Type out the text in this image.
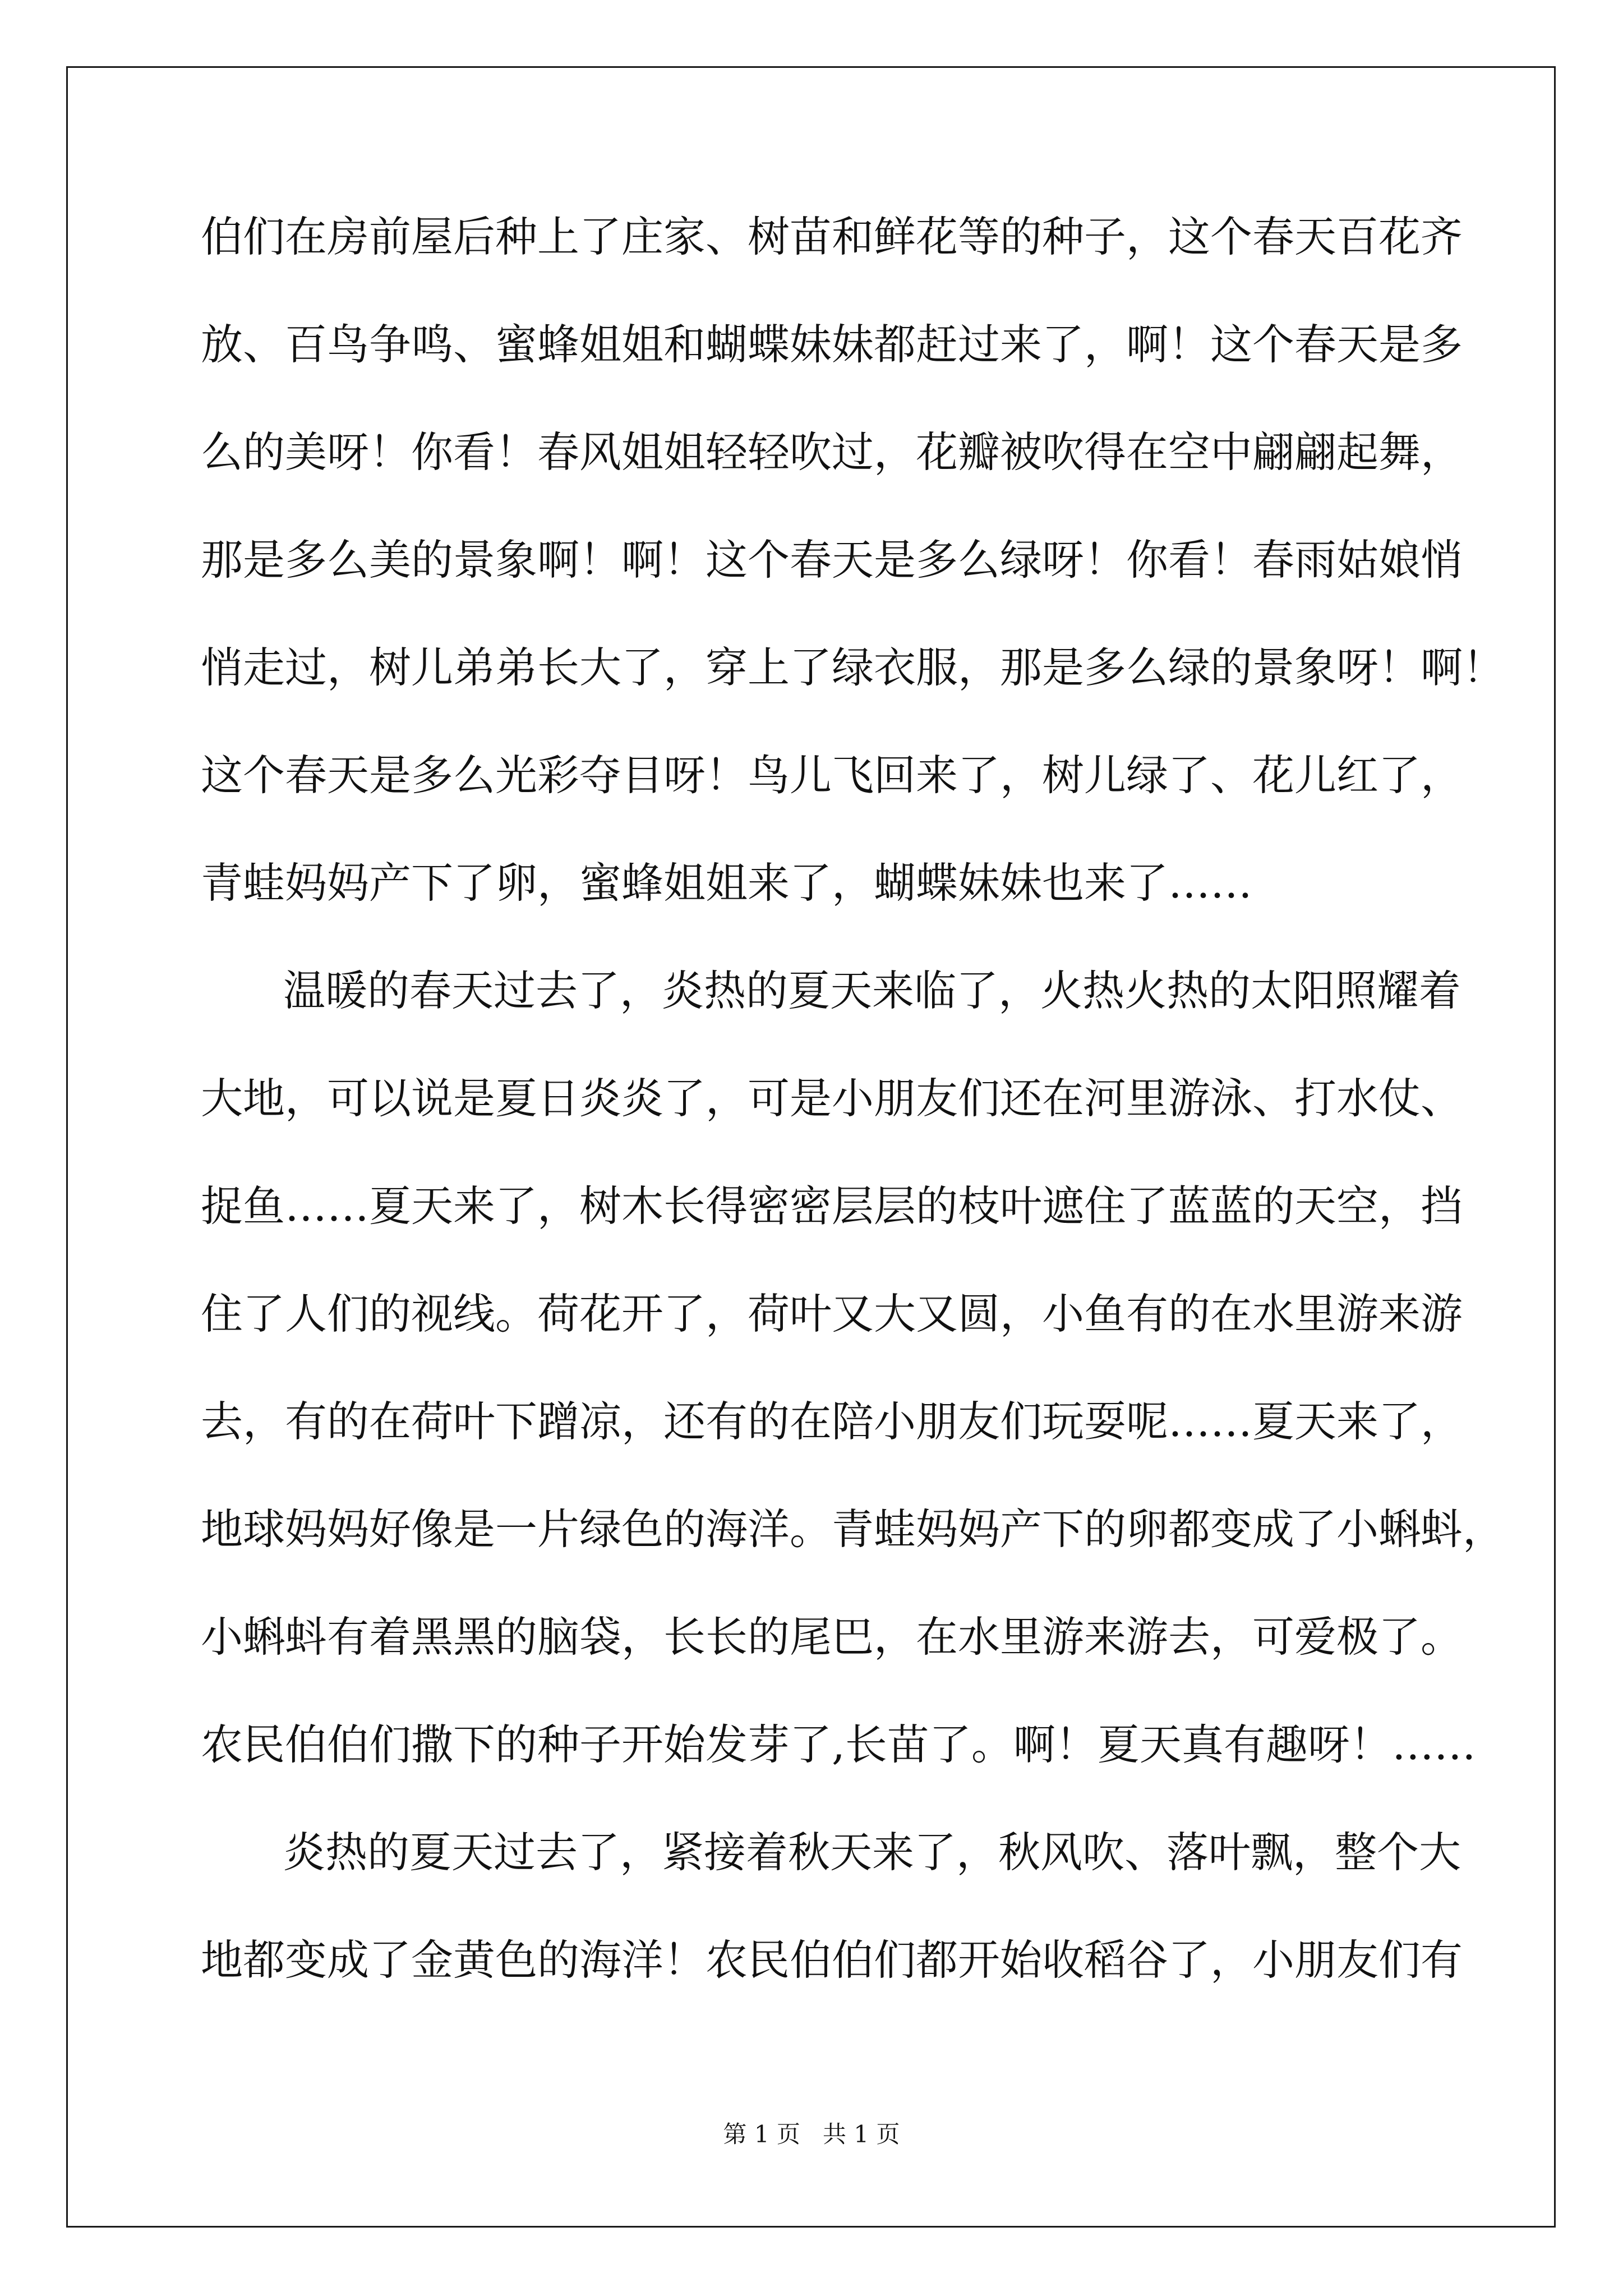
伯们在房前屋后种上了庄家、树苗和鲜花等的种子，这个春天百花齐
放、百鸟争鸣、蜜蜂姐姐和蝴蝶妹妹都赶过来了，啊！这个春天是多
么的美呀！你看！春风姐姐轻轻吹过，花瓣被吹得在空中翩翩起舞，
那是多么美的景象啊！啊！这个春天是多么绿呀！你看！春雨姑娘悄
悄走过，树儿弟弟长大了，穿上了绿衣服，那是多么绿的景象呀！啊！
这个春天是多么光彩夺目呀！鸟儿飞回来了，树儿绿了、花儿红了，
青蛙妈妈产下了卵，蜜蜂姐姐来了，蝴蝶妹妹也来了……
温暖的春天过去了，炎热的夏天来临了，火热火热的太阳照耀着
大地，可以说是夏日炎炎了，可是小朋友们还在河里游泳、打水仗、
捉鱼……夏天来了，树木长得密密层层的枝叶遮住了蓝蓝的天空，挡
住了人们的视线。荷花开了，荷叶又大又圆，小鱼有的在水里游来游
去，有的在荷叶下蹭凉，还有的在陪小朋友们玩耍呢……夏天来了，
地球妈妈好像是一片绿色的海洋。青蛙妈妈产下的卵都变成了小蝌蚪，
小蝌蚪有着黑黑的脑袋，长长的尾巴，在水里游来游去，可爱极了。
农民伯伯们撒下的种子开始发芽了,长苗了。啊！夏天真有趣呀！……
炎热的夏天过去了，紧接着秋天来了，秋风吹、落叶飘，整个大
地都变成了金黄色的海洋！农民伯伯们都开始收稻谷了，小朋友们有
第 1 页   共 1 页
